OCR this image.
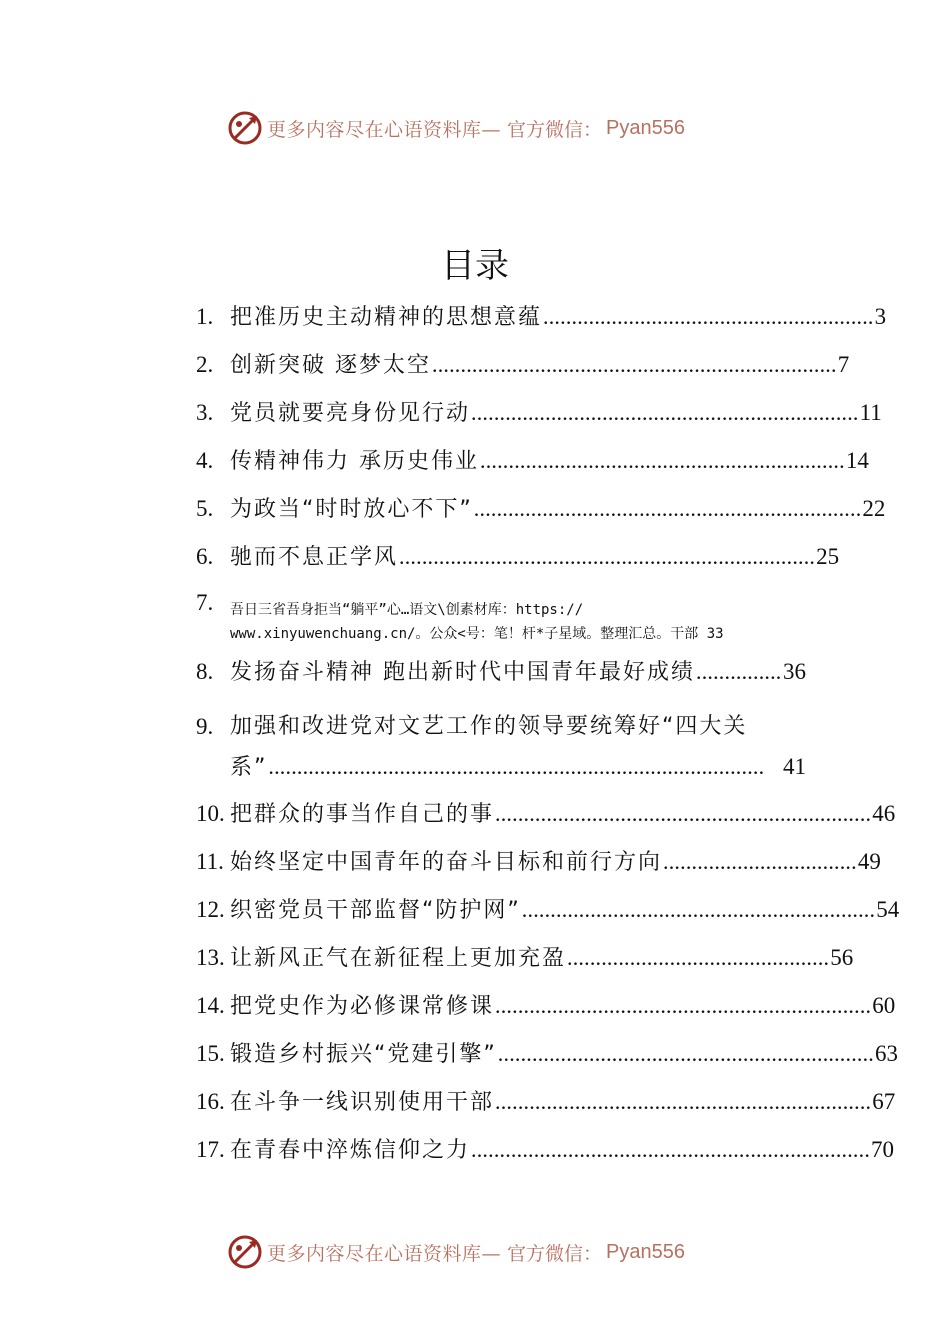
更多内容尽在心语资料库— 官方微信： Pyan556
目录
1. 把准历史主动精神的思想意蕴 .......................................................... 3
2. 创新突破 逐梦太空 ....................................................................... 7
3. 党员就要亮身份见行动 .................................................................... 11
4. 传精神伟力 承历史伟业 ................................................................ 14
5. 为政当“时时放心不下” .................................................................... 22
6. 驰而不息正学风 ......................................................................... 25
7.	吾日三省吾身拒当“躺平”心…语文\创素材库：https://
www.xinyuwenchuang.cn/。公众<号：笔！杆*子星域。整理汇总。干部 33
8. 发扬奋斗精神 跑出新时代中国青年最好成绩 ............... 36
9. 加强和改进党对文艺工作的领导要统筹好“四大关
系” ....................................................................................... 41
10. 把群众的事当作自己的事 .................................................................. 46
11. 始终坚定中国青年的奋斗目标和前行方向 .................................. 49
12. 织密党员干部监督“防护网” .............................................................. 54
13. 让新风正气在新征程上更加充盈 .............................................. 56
14. 把党史作为必修课常修课 .................................................................. 60
15. 锻造乡村振兴“党建引擎” .................................................................. 63
16. 在斗争一线识别使用干部 .................................................................. 67
17. 在青春中淬炼信仰之力 ...................................................................... 70
更多内容尽在心语资料库— 官方微信： Pyan556
